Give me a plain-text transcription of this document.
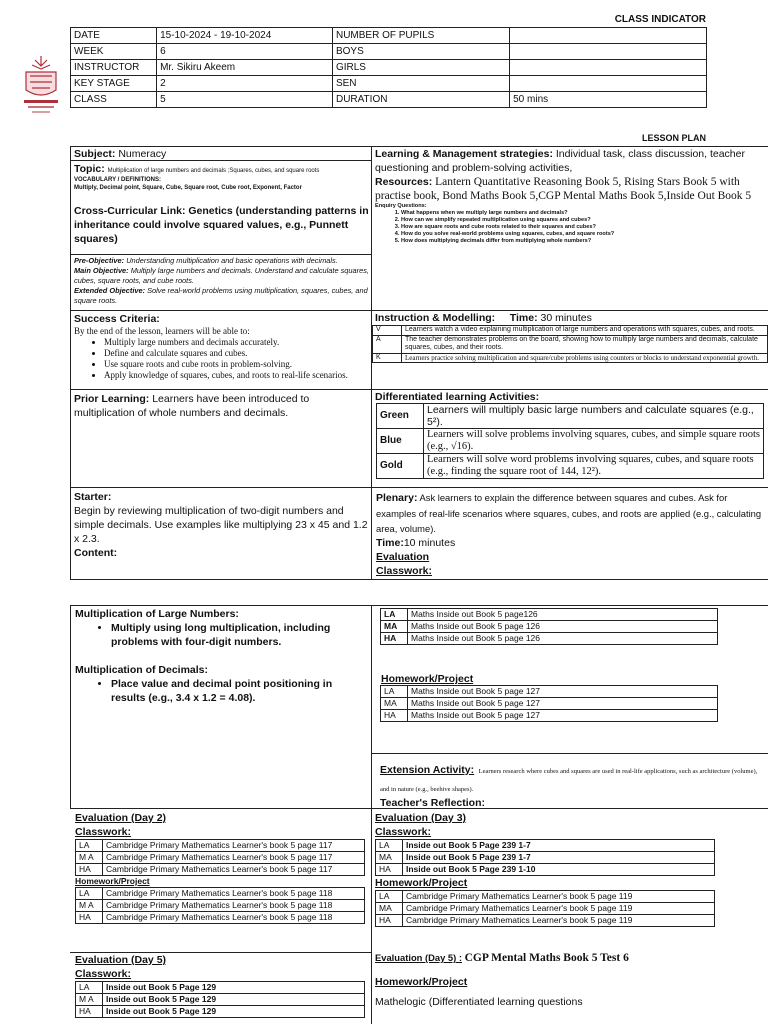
CLASS INDICATOR
DATE	15-10-2024 - 19-10-2024	NUMBER OF PUPILS	
WEEK	6	BOYS	
INSTRUCTOR	Mr. Sikiru Akeem	GIRLS	
KEY STAGE	2	SEN	
CLASS	5	DURATION	50 mins
LESSON PLAN
Subject: Numeracy
Topic: Multiplication of large numbers and decimals ;Squares, cubes, and square roots
VOCABULARY / DEFINITIONS:
Multiply, Decimal point, Square, Cube, Square root, Cube root, Exponent, Factor
Cross-Curricular Link: Genetics (understanding patterns in inheritance could involve squared values, e.g., Punnett squares)
Pre-Objective: Understanding multiplication and basic operations with decimals.
Main Objective: Multiply large numbers and decimals. Understand and calculate squares, cubes, square roots, and cube roots.
Extended Objective: Solve real-world problems using multiplication, squares, cubes, and square roots.
Success Criteria:
By the end of the lesson, learners will be able to:
• Multiply large numbers and decimals accurately.
• Define and calculate squares and cubes.
• Use square roots and cube roots in problem-solving.
• Apply knowledge of squares, cubes, and roots to real-life scenarios.
Prior Learning: Learners have been introduced to multiplication of whole numbers and decimals.
Starter:
Begin by reviewing multiplication of two-digit numbers and simple decimals. Use examples like multiplying 23 x 45 and 1.2 x 2.3.
Content:
Learning & Management strategies: Individual task, class discussion, teacher questioning and problem-solving activities,
Resources: Lantern Quantitative Reasoning Book 5, Rising Stars Book 5 with practise book, Bond Maths Book 5,CGP Mental Maths Book 5,Inside Out Book 5
Enquiry Questions:
1. What happens when we multiply large numbers and decimals?
2. How can we simplify repeated multiplication using squares and cubes?
3. How are square roots and cube roots related to their squares and cubes?
4. How do you solve real-world problems using squares, cubes, and square roots?
5. How does multiplying decimals differ from multiplying whole numbers?
Instruction & Modelling: Time: 30 minutes
V	Learners watch a video explaining multiplication of large numbers and operations with squares, cubes, and roots.
A	The teacher demonstrates problems on the board, showing how to multiply large numbers and decimals, calculate squares, cubes, and their roots.
K	Learners practice solving multiplication and square/cube problems using counters or blocks to understand exponential growth.
Differentiated learning Activities:
Green	Learners will multiply basic large numbers and calculate squares (e.g., 5²).
Blue	Learners will solve problems involving squares, cubes, and simple square roots (e.g., √16).
Gold	Learners will solve word problems involving squares, cubes, and square roots (e.g., finding the square root of 144, 12²).
Plenary: Ask learners to explain the difference between squares and cubes. Ask for examples of real-life scenarios where squares, cubes, and roots are applied (e.g., calculating area, volume).
Time:10 minutes
Evaluation
Classwork:
Multiplication of Large Numbers:
• Multiply using long multiplication, including problems with four-digit numbers.
Multiplication of Decimals:
• Place value and decimal point positioning in results (e.g., 3.4 x 1.2 = 4.08).
LA	Maths Inside out Book 5 page126
MA	Maths Inside out Book 5 page 126
HA	Maths Inside out Book 5 page 126
Homework/Project
LA	Maths Inside out Book 5 page 127
MA	Maths Inside out Book 5 page 127
HA	Maths Inside out Book 5 page 127
Extension Activity: Learners research where cubes and squares are used in real-life applications, such as architecture (volume), and in nature (e.g., beehive shapes).
Teacher's Reflection:
Evaluation (Day 2)
Classwork:
LA	Cambridge Primary Mathematics Learner's book 5 page 117
M A	Cambridge Primary Mathematics Learner's book 5 page 117
HA	Cambridge Primary Mathematics Learner's book 5 page 117
Homework/Project
LA	Cambridge Primary Mathematics Learner's book 5 page 118
M A	Cambridge Primary Mathematics Learner's book 5 page 118
HA	Cambridge Primary Mathematics Learner's book 5 page 118
Evaluation (Day 3)
Classwork:
LA	Inside out Book 5 Page 239 1-7
MA	Inside out Book 5 Page 239 1-7
HA	Inside out Book 5 Page 239 1-10
Homework/Project
LA	Cambridge Primary Mathematics Learner's book 5 page 119
MA	Cambridge Primary Mathematics Learner's book 5 page 119
HA	Cambridge Primary Mathematics Learner's book 5 page 119
Evaluation (Day 5)
Classwork:
LA	Inside out Book 5 Page 129
M A	Inside out Book 5 Page 129
HA	Inside out Book 5 Page 129
Evaluation (Day 5) : CGP Mental Maths Book 5 Test 6
Homework/Project
Mathelogic (Differentiated learning questions
